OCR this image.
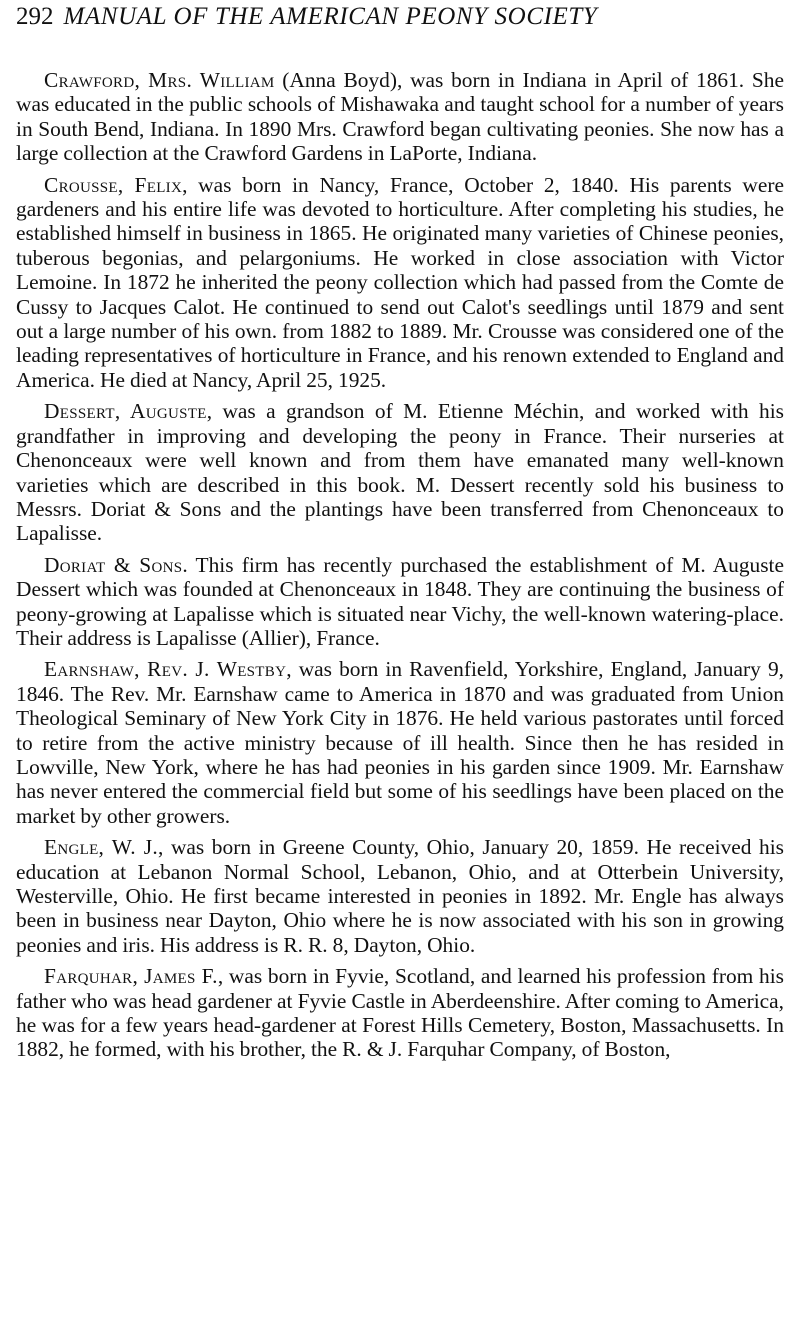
292 MANUAL OF THE AMERICAN PEONY SOCIETY

Crawford, Mrs. William (Anna Boyd), was born in Indiana in April of 1861. She was educated in the public schools of Mishawaka and taught school for a number of years in South Bend, Indiana. In 1890 Mrs. Crawford began cultivating peonies. She now has a large collection at the Crawford Gardens in LaPorte, Indiana.

Crousse, Felix, was born in Nancy, France, October 2, 1840. His parents were gardeners and his entire life was devoted to horticulture. After completing his studies, he established himself in business in 1865. He originated many varieties of Chinese peonies, tuberous begonias, and pelargoniums. He worked in close association with Victor Lemoine. In 1872 he inherited the peony collection which had passed from the Comte de Cussy to Jacques Calot. He continued to send out Calot's seedlings until 1879 and sent out a large number of his own. from 1882 to 1889. Mr. Crousse was considered one of the leading representatives of horticulture in France, and his renown extended to England and America. He died at Nancy, April 25, 1925.

Dessert, Auguste, was a grandson of M. Etienne Méchin, and worked with his grandfather in improving and developing the peony in France. Their nurseries at Chenonceaux were well known and from them have emanated many well-known varieties which are described in this book. M. Dessert recently sold his business to Messrs. Doriat & Sons and the plantings have been transferred from Chenonceaux to Lapalisse.

Doriat & Sons. This firm has recently purchased the establishment of M. Auguste Dessert which was founded at Chenonceaux in 1848. They are continuing the business of peony-growing at Lapalisse which is situated near Vichy, the well-known watering-place. Their address is Lapalisse (Allier), France.

Earnshaw, Rev. J. Westby, was born in Ravenfield, Yorkshire, England, January 9, 1846. The Rev. Mr. Earnshaw came to America in 1870 and was graduated from Union Theological Seminary of New York City in 1876. He held various pastorates until forced to retire from the active ministry because of ill health. Since then he has resided in Lowville, New York, where he has had peonies in his garden since 1909. Mr. Earnshaw has never entered the commercial field but some of his seedlings have been placed on the market by other growers.

Engle, W. J., was born in Greene County, Ohio, January 20, 1859. He received his education at Lebanon Normal School, Lebanon, Ohio, and at Otterbein University, Westerville, Ohio. He first became interested in peonies in 1892. Mr. Engle has always been in business near Dayton, Ohio where he is now associated with his son in growing peonies and iris. His address is R. R. 8, Dayton, Ohio.

Farquhar, James F., was born in Fyvie, Scotland, and learned his profession from his father who was head gardener at Fyvie Castle in Aberdeenshire. After coming to America, he was for a few years head-gardener at Forest Hills Cemetery, Boston, Massachusetts. In 1882, he formed, with his brother, the R. & J. Farquhar Company, of Boston,
